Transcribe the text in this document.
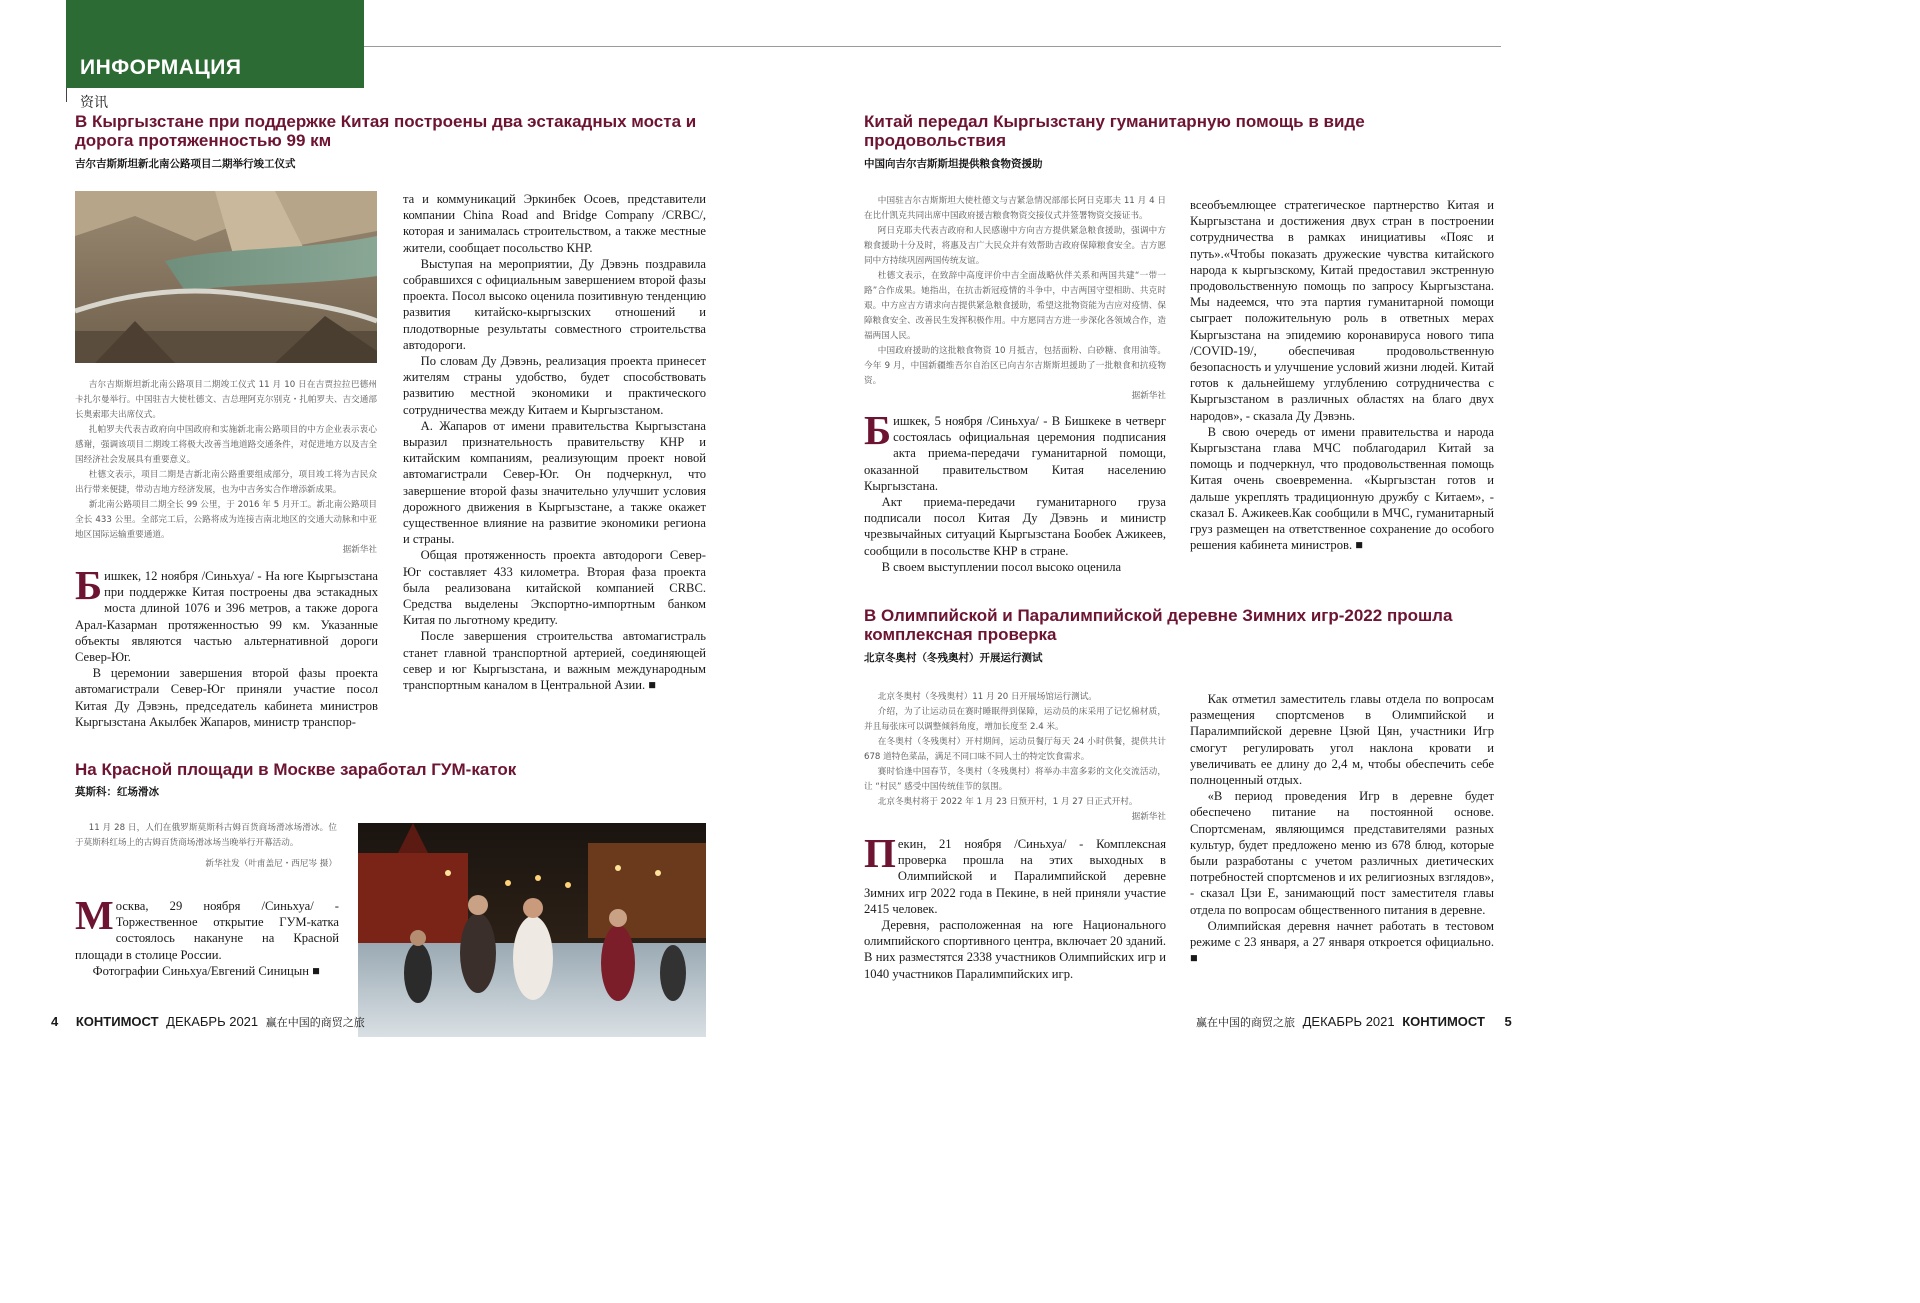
ИНФОРМАЦИЯ
资讯
В Кыргызстане при поддержке Китая построены два эстакадных моста и дорога протяженностью 99 км
吉尔吉斯斯坦新北南公路项目二期举行竣工仪式

吉尔吉斯斯坦新北南公路项目二期竣工仪式 11 月 10 日在吉贾拉拉巴德州卡扎尔曼举行。中国驻吉大使杜德文、吉总理阿克尔别克・扎帕罗夫、吉交通部长奥索耶夫出席仪式。

扎帕罗夫代表吉政府向中国政府和实施新北南公路项目的中方企业表示衷心感谢，强调该项目二期竣工将极大改善当地道路交通条件，对促进地方以及吉全国经济社会发展具有重要意义。

杜德文表示，项目二期是吉新北南公路重要组成部分，项目竣工将为吉民众出行带来便捷，带动吉地方经济发展，也为中吉务实合作增添新成果。

新北南公路项目二期全长 99 公里，于 2016 年 5 月开工。新北南公路项目全长 433 公里。全部完工后，公路将成为连接吉南北地区的交通大动脉和中亚地区国际运输重要通道。

据新华社

Бишкек, 12 ноября /Синьхуа/ - На юге Кыргызстана при поддержке Китая построены два эстакадных моста длиной 1076 и 396 метров, а также дорога Арал-Казарман протяженностью 99 км. Указанные объекты являются частью альтернативной дороги Север-Юг.

В церемонии завершения второй фазы проекта автомагистрали Север-Юг приняли участие посол Китая Ду Дэвэнь, председатель кабинета министров Кыргызстана Акылбек Жапаров, министр транспор-

та и коммуникаций Эркинбек Осоев, представители компании China Road and Bridge Company /CRBC/, которая и занималась строительством, а также местные жители, сообщает посольство КНР.

Выступая на мероприятии, Ду Дэвэнь поздравила собравшихся с официальным завершением второй фазы проекта. Посол высоко оценила позитивную тенденцию развития китайско-кыргызских отношений и плодотворные результаты совместного строительства автодороги.

По словам Ду Дэвэнь, реализация проекта принесет жителям страны удобство, будет способствовать развитию местной экономики и практического сотрудничества между Китаем и Кыргызстаном.

А. Жапаров от имени правительства Кыргызстана выразил признательность правительству КНР и китайским компаниям, реализующим проект новой автомагистрали Север-Юг. Он подчеркнул, что завершение второй фазы значительно улучшит условия дорожного движения в Кыргызстане, а также окажет существенное влияние на развитие экономики региона и страны.

Общая протяженность проекта автодороги Север-Юг составляет 433 километра. Вторая фаза проекта была реализована китайской компанией CRBC. Средства выделены Экспортно-импортным банком Китая по льготному кредиту.

После завершения строительства автомагистраль станет главной транспортной артерией, соединяющей север и юг Кыргызстана, и важным международным транспортным каналом в Центральной Азии. ■

На Красной площади в Москве заработал ГУМ-каток
莫斯科：红场滑冰

11 月 28 日，人们在俄罗斯莫斯科古姆百货商场滑冰场滑冰。位于莫斯科红场上的古姆百货商场滑冰场当晚举行开幕活动。

新华社发（叶甫盖尼・西尼岑 摄）

Москва, 29 ноября /Синьхуа/ - Торжественное открытие ГУМ-катка состоялось накануне на Красной площади в столице России.

Фотографии Синьхуа/Евгений Синицын ■

Китай передал Кыргызстану гуманитарную помощь в виде продовольствия
中国向吉尔吉斯斯坦提供粮食物资援助

中国驻吉尔吉斯斯坦大使杜德文与吉紧急情况部部长阿日克耶夫 11 月 4 日在比什凯克共同出席中国政府援吉粮食物资交接仪式并签署物资交接证书。

阿日克耶夫代表吉政府和人民感谢中方向吉方提供紧急粮食援助，强调中方粮食援助十分及时，将惠及吉广大民众并有效帮助吉政府保障粮食安全。吉方愿同中方持续巩固两国传统友谊。

杜德文表示，在致辞中高度评价中吉全面战略伙伴关系和两国共建“一带一路”合作成果。她指出，在抗击新冠疫情的斗争中，中吉两国守望相助、共克时艰。中方应吉方请求向吉提供紧急粮食援助，希望这批物资能为吉应对疫情、保障粮食安全、改善民生发挥积极作用。中方愿同吉方进一步深化各领域合作，造福两国人民。

中国政府援助的这批粮食物资 10 月抵吉，包括面粉、白砂糖、食用油等。今年 9 月，中国新疆维吾尔自治区已向吉尔吉斯斯坦援助了一批粮食和抗疫物资。

据新华社

Бишкек, 5 ноября /Синьхуа/ - В Бишкеке в четверг состоялась официальная церемония подписания акта приема-передачи гуманитарной помощи, оказанной правительством Китая населению Кыргызстана.

Акт приема-передачи гуманитарного груза подписали посол Китая Ду Дэвэнь и министр чрезвычайных ситуаций Кыргызстана Бообек Ажикеев, сообщили в посольстве КНР в стране.

В своем выступлении посол высоко оценила

всеобъемлющее стратегическое партнерство Китая и Кыргызстана и достижения двух стран в построении сотрудничества в рамках инициативы «Пояс и путь».«Чтобы показать дружеские чувства китайского народа к кыргызскому, Китай предоставил экстренную продовольственную помощь по запросу Кыргызстана. Мы надеемся, что эта партия гуманитарной помощи сыграет положительную роль в ответных мерах Кыргызстана на эпидемию коронавируса нового типа /COVID-19/, обеспечивая продовольственную безопасность и улучшение условий жизни людей. Китай готов к дальнейшему углублению сотрудничества с Кыргызстаном в различных областях на благо двух народов», - сказала Ду Дэвэнь.

В свою очередь от имени правительства и народа Кыргызстана глава МЧС поблагодарил Китай за помощь и подчеркнул, что продовольственная помощь Китая очень своевременна. «Кыргызстан готов и дальше укреплять традиционную дружбу с Китаем», - сказал Б. Ажикеев.Как сообщили в МЧС, гуманитарный груз размещен на ответственное сохранение до особого решения кабинета министров. ■

В Олимпийской и Паралимпийской деревне Зимних игр-2022 прошла комплексная проверка
北京冬奥村（冬残奥村）开展运行测试

北京冬奥村（冬残奥村）11 月 20 日开展场馆运行测试。

介绍，为了让运动员在赛时睡眠得到保障，运动员的床采用了记忆棉材质，并且每张床可以调整倾斜角度，增加长度至 2.4 米。

在冬奥村（冬残奥村）开村期间，运动员餐厅每天 24 小时供餐，提供共计 678 道特色菜品，满足不同口味不同人士的特定饮食需求。

赛时恰逢中国春节，冬奥村（冬残奥村）将举办丰富多彩的文化交流活动，让 “村民” 感受中国传统佳节的氛围。

北京冬奥村将于 2022 年 1 月 23 日预开村，1 月 27 日正式开村。

据新华社

Пекин, 21 ноября /Синьхуа/ - Комплексная проверка прошла на этих выходных в Олимпийской и Паралимпийской деревне Зимних игр 2022 года в Пекине, в ней приняли участие 2415 человек.

Деревня, расположенная на юге Национального олимпийского спортивного центра, включает 20 зданий. В них разместятся 2338 участников Олимпийских игр и 1040 участников Паралимпийских игр.

Как отметил заместитель главы отдела по вопросам размещения спортсменов в Олимпийской и Паралимпийской деревне Цзюй Цян, участники Игр смогут регулировать угол наклона кровати и увеличивать ее длину до 2,4 м, чтобы обеспечить себе полноценный отдых.

«В период проведения Игр в деревне будет обеспечено питание на постоянной основе. Спортсменам, являющимся представителями разных культур, будет предложено меню из 678 блюд, которые были разработаны с учетом различных диетических потребностей спортсменов и их религиозных взглядов», - сказал Цзи Е, занимающий пост заместителя главы отдела по вопросам общественного питания в деревне.

Олимпийская деревня начнет работать в тестовом режиме с 23 января, а 27 января откроется официально. ■

4 КОНТИМОСТ ДЕКАБРЬ 2021 赢在中国的商贸之旅	赢在中国的商贸之旅 ДЕКАБРЬ 2021 КОНТИМОСТ 5
